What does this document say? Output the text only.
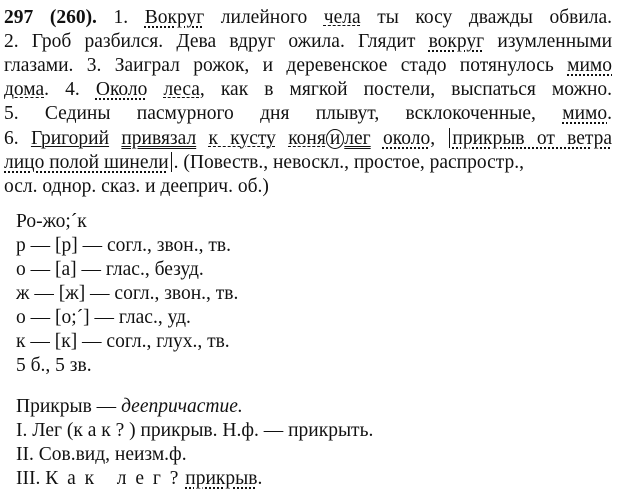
297 (260). 1. Вокруг лилейного чела ты косу дважды обвила.
2. Гроб разбился. Дева вдруг ожила. Глядит вокруг изумленными
глазами. 3. Заиграл рожок, и деревенское стадо потянулось мимо
дома. 4. Около леса, как в мягкой постели, выспаться можно.
5. Седины пасмурного дня плывут, всклокоченные, мимо.
6. Григорий привязал к кусту коня и лег около, прикрыв от ветра
лицо полой шинели . (Повеств., невоскл., простое, распростр.,
осл. однор. сказ. и дееприч. об.)
Ро-жо;ˊк
р — [р] — согл., звон., тв.
о — [а] — глас., безуд.
ж — [ж] — согл., звон., тв.
о — [о;ˊ] — глас., уд.
к — [к] — согл., глух., тв.
5 б., 5 зв.
Прикрыв — деепричастие.
I. Лег (к а к ? ) прикрыв. Н.ф. — прикрыть.
II. Сов.вид, неизм.ф.
III. К а к   л е г ? прикрыв.
